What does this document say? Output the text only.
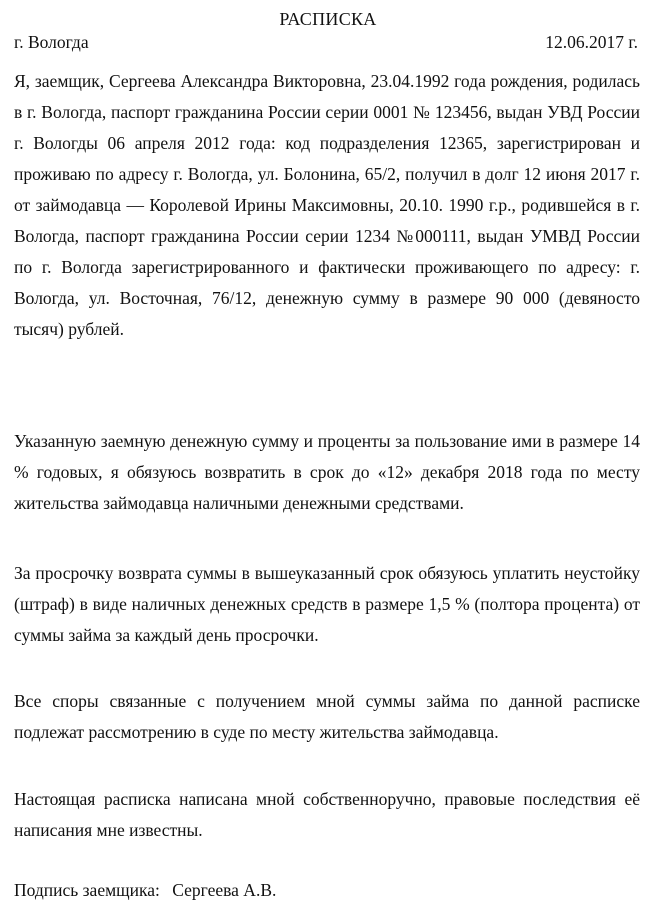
РАСПИСКА
г. Вологда	12.06.2017 г.
Я, заемщик, Сергеева Александра Викторовна, 23.04.1992 года рождения, родилась в г. Вологда, паспорт гражданина России серии 0001 № 123456, выдан УВД России г. Вологды 06 апреля 2012 года: код подразделения 12365, зарегистрирован и проживаю по адресу г. Вологда, ул. Болонина, 65/2, получил в долг 12 июня 2017 г. от займодавца — Королевой Ирины Максимовны, 20.10. 1990 г.р., родившейся в г. Вологда, паспорт гражданина России серии 1234 №000111, выдан УМВД России по г. Вологда зарегистрированного и фактически проживающего по адресу: г. Вологда, ул. Восточная, 76/12, денежную сумму в размере 90 000 (девяносто тысяч) рублей.
Указанную заемную денежную сумму и проценты за пользование ими в размере 14 % годовых, я обязуюсь возвратить в срок до «12» декабря 2018 года по месту жительства займодавца наличными денежными средствами.
За просрочку возврата суммы в вышеуказанный срок обязуюсь уплатить неустойку (штраф) в виде наличных денежных средств в размере 1,5 % (полтора процента) от суммы займа за каждый день просрочки.
Все споры связанные с получением мной суммы займа по данной расписке подлежат рассмотрению в суде по месту жительства займодавца.
Настоящая расписка написана мной собственноручно, правовые последствия её написания мне известны.
Подпись заемщика: Сергеева А.В.
